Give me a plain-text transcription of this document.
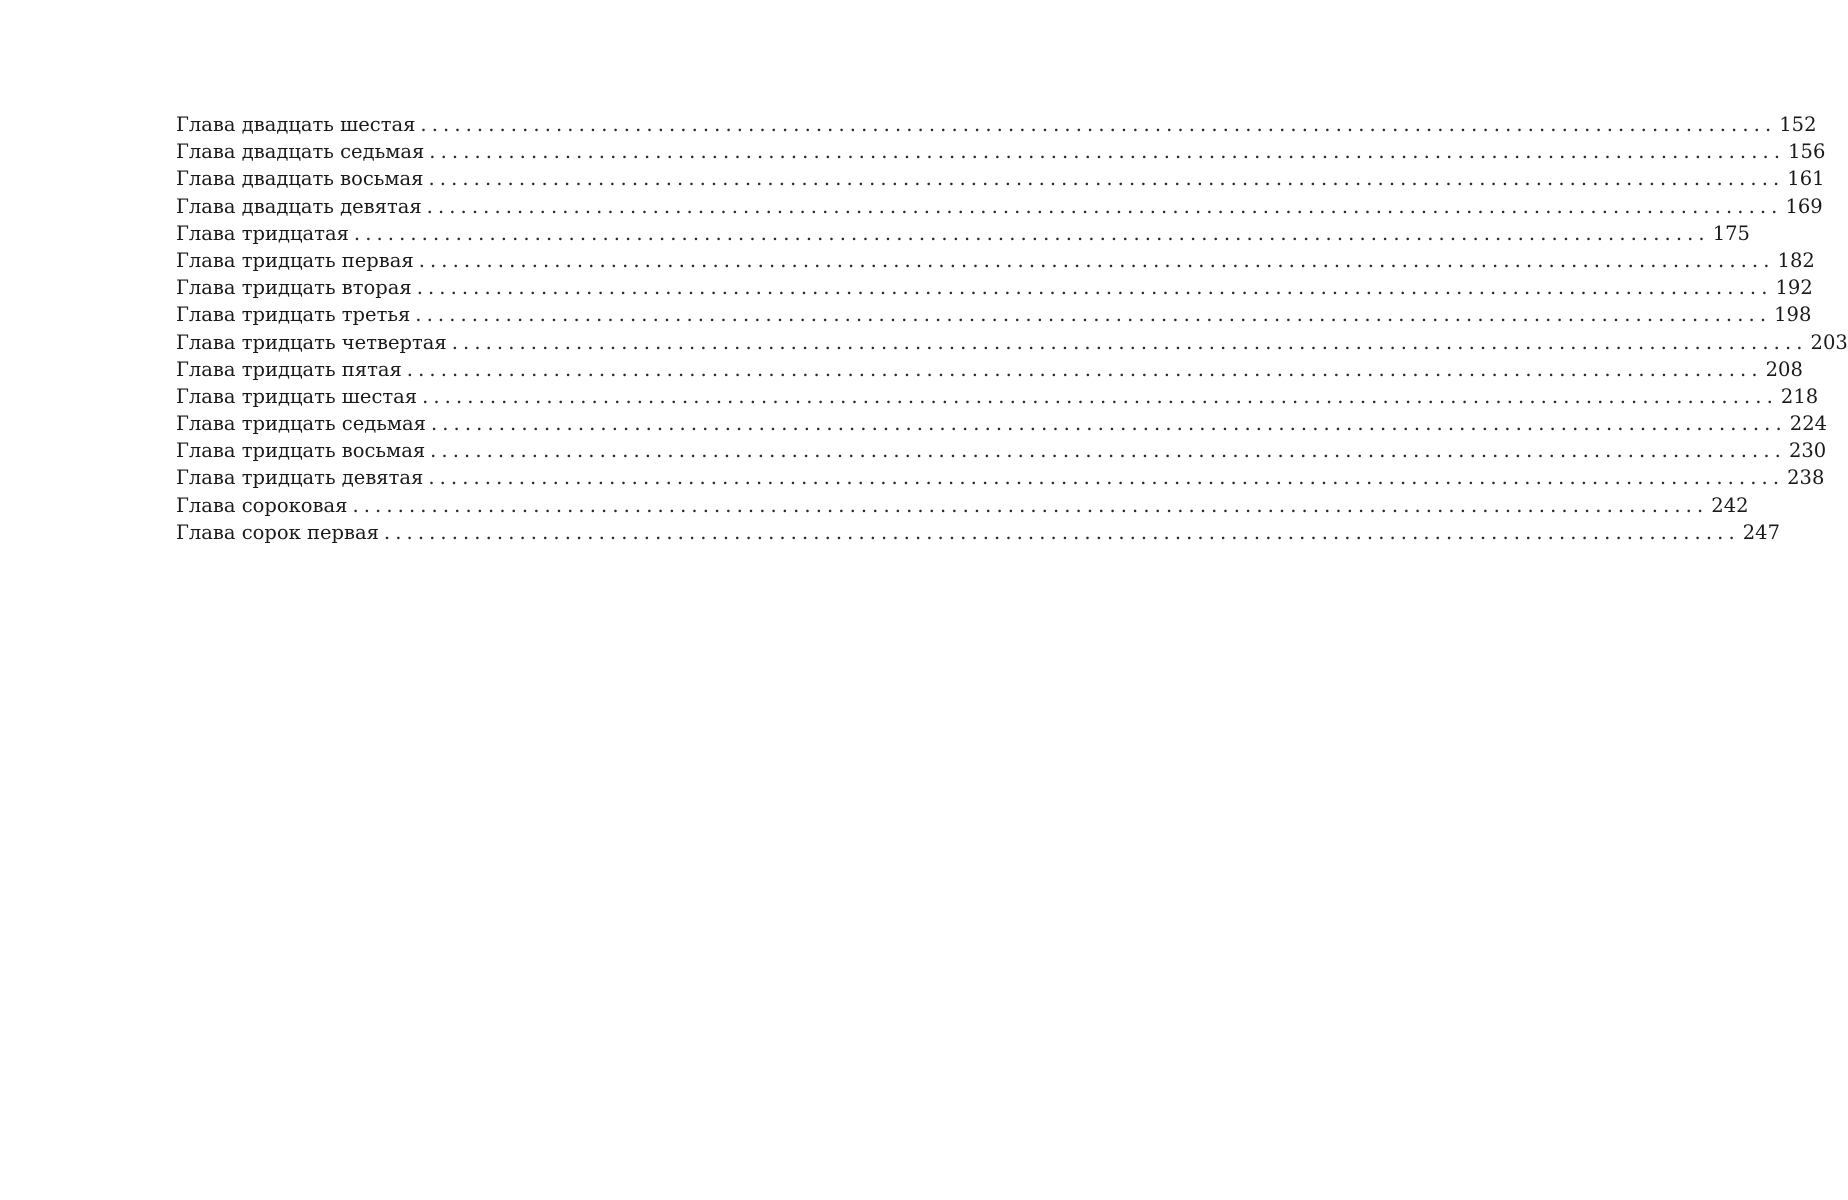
Глава двадцать шестая ........................................................................................................................ 152
Глава двадцать седьмая ........................................................................................................................ 156
Глава двадцать восьмая ........................................................................................................................ 161
Глава двадцать девятая ........................................................................................................................ 169
Глава тридцатая ........................................................................................................................ 175
Глава тридцать первая ........................................................................................................................ 182
Глава тридцать вторая ........................................................................................................................ 192
Глава тридцать третья ........................................................................................................................ 198
Глава тридцать четвертая ........................................................................................................................ 203
Глава тридцать пятая ........................................................................................................................ 208
Глава тридцать шестая ........................................................................................................................ 218
Глава тридцать седьмая ........................................................................................................................ 224
Глава тридцать восьмая ........................................................................................................................ 230
Глава тридцать девятая ........................................................................................................................ 238
Глава сороковая ........................................................................................................................ 242
Глава сорок первая ........................................................................................................................ 247
